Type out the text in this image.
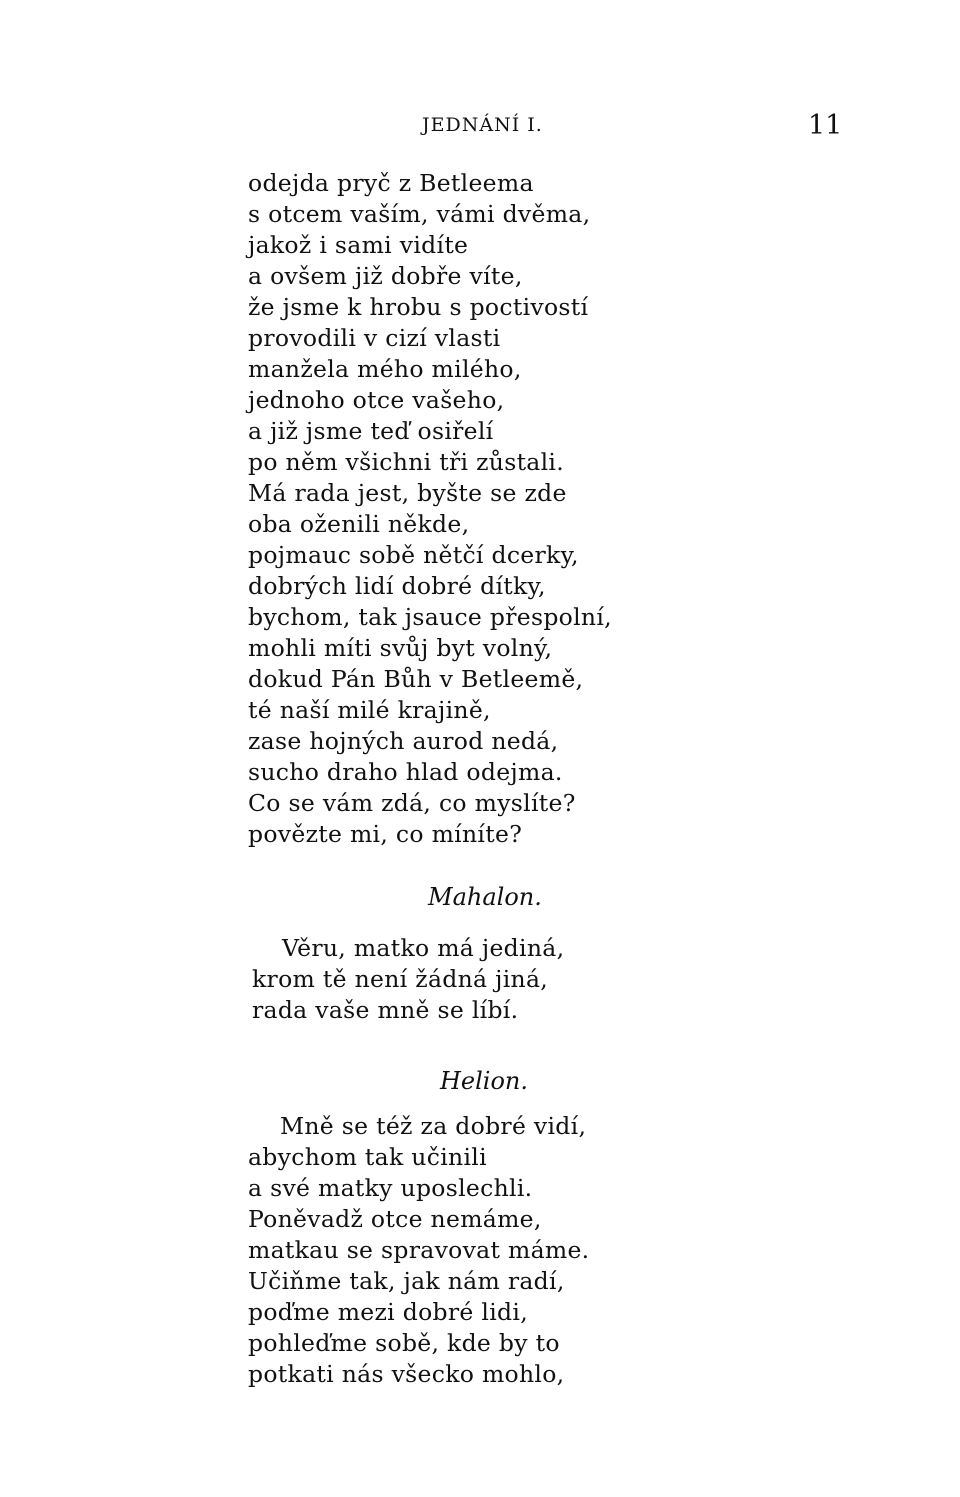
JEDNÁNÍ I.	11
odejda pryč z Betleema
s otcem vaším, vámi dvěma,
jakož i sami vidíte
a ovšem již dobře víte,
že jsme k hrobu s poctivostí
provodili v cizí vlasti
manžela mého milého,
jednoho otce vašeho,
a již jsme teď osiřelí
po něm všichni tři zůstali.
Má rada jest, byšte se zde
oba oženili někde,
pojmauc sobě nětčí dcerky,
dobrých lidí dobré dítky,
bychom, tak jsauce přespolní,
mohli míti svůj byt volný,
dokud Pán Bůh v Betleemě,
té naší milé krajině,
zase hojných aurod nedá,
sucho draho hlad odejma.
Co se vám zdá, co myslíte?
povězte mi, co míníte?
Mahalon.
Věru, matko má jediná,
krom tě není žádná jiná,
rada vaše mně se líbí.
Helion.
Mně se též za dobré vidí,
abychom tak učinili
a své matky uposlechli.
Poněvadž otce nemáme,
matkau se spravovat máme.
Učiňme tak, jak nám radí,
poďme mezi dobré lidi,
pohleďme sobě, kde by to
potkati nás všecko mohlo,
